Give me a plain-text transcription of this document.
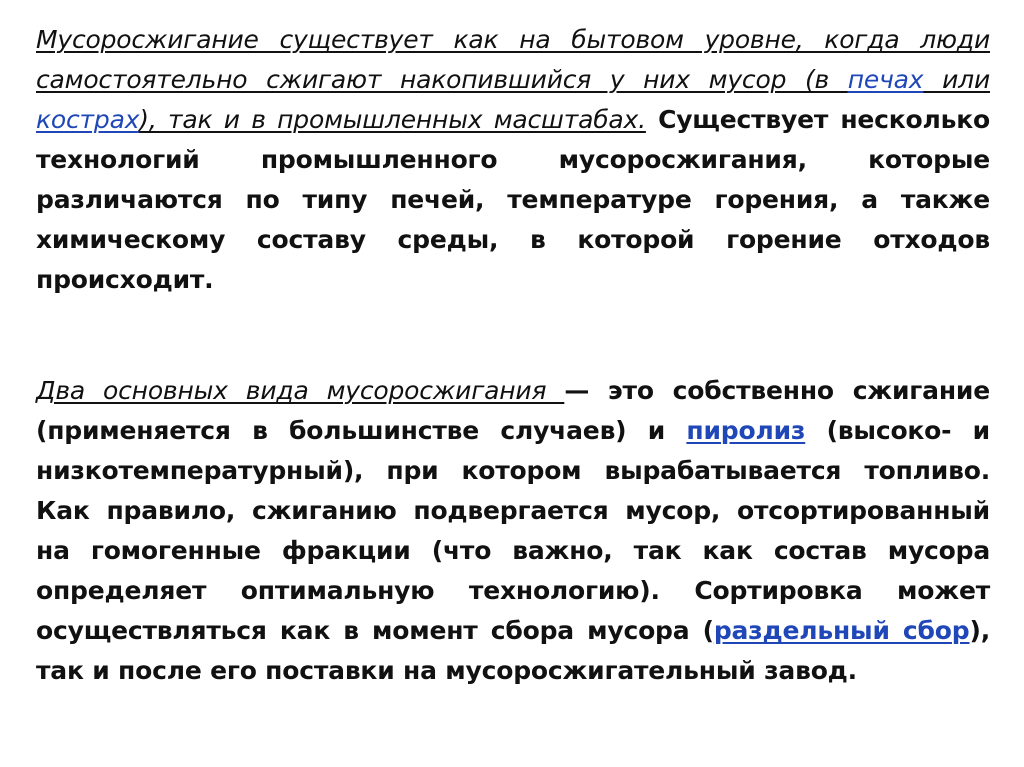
Мусоросжигание существует как на бытовом уровне, когда люди самостоятельно сжигают накопившийся у них мусор (в печах или кострах), так и в промышленных масштабах. Существует несколько технологий промышленного мусоросжигания, которые различаются по типу печей, температуре горения, а также химическому составу среды, в которой горение отходов происходит.

Два основных вида мусоросжигания — это собственно сжигание (применяется в большинстве случаев) и пиролиз (высоко- и низкотемпературный), при котором вырабатывается топливо. Как правило, сжиганию подвергается мусор, отсортированный на гомогенные фракции (что важно, так как состав мусора определяет оптимальную технологию). Сортировка может осуществляться как в момент сбора мусора (раздельный сбор), так и после его поставки на мусоросжигательный завод.
